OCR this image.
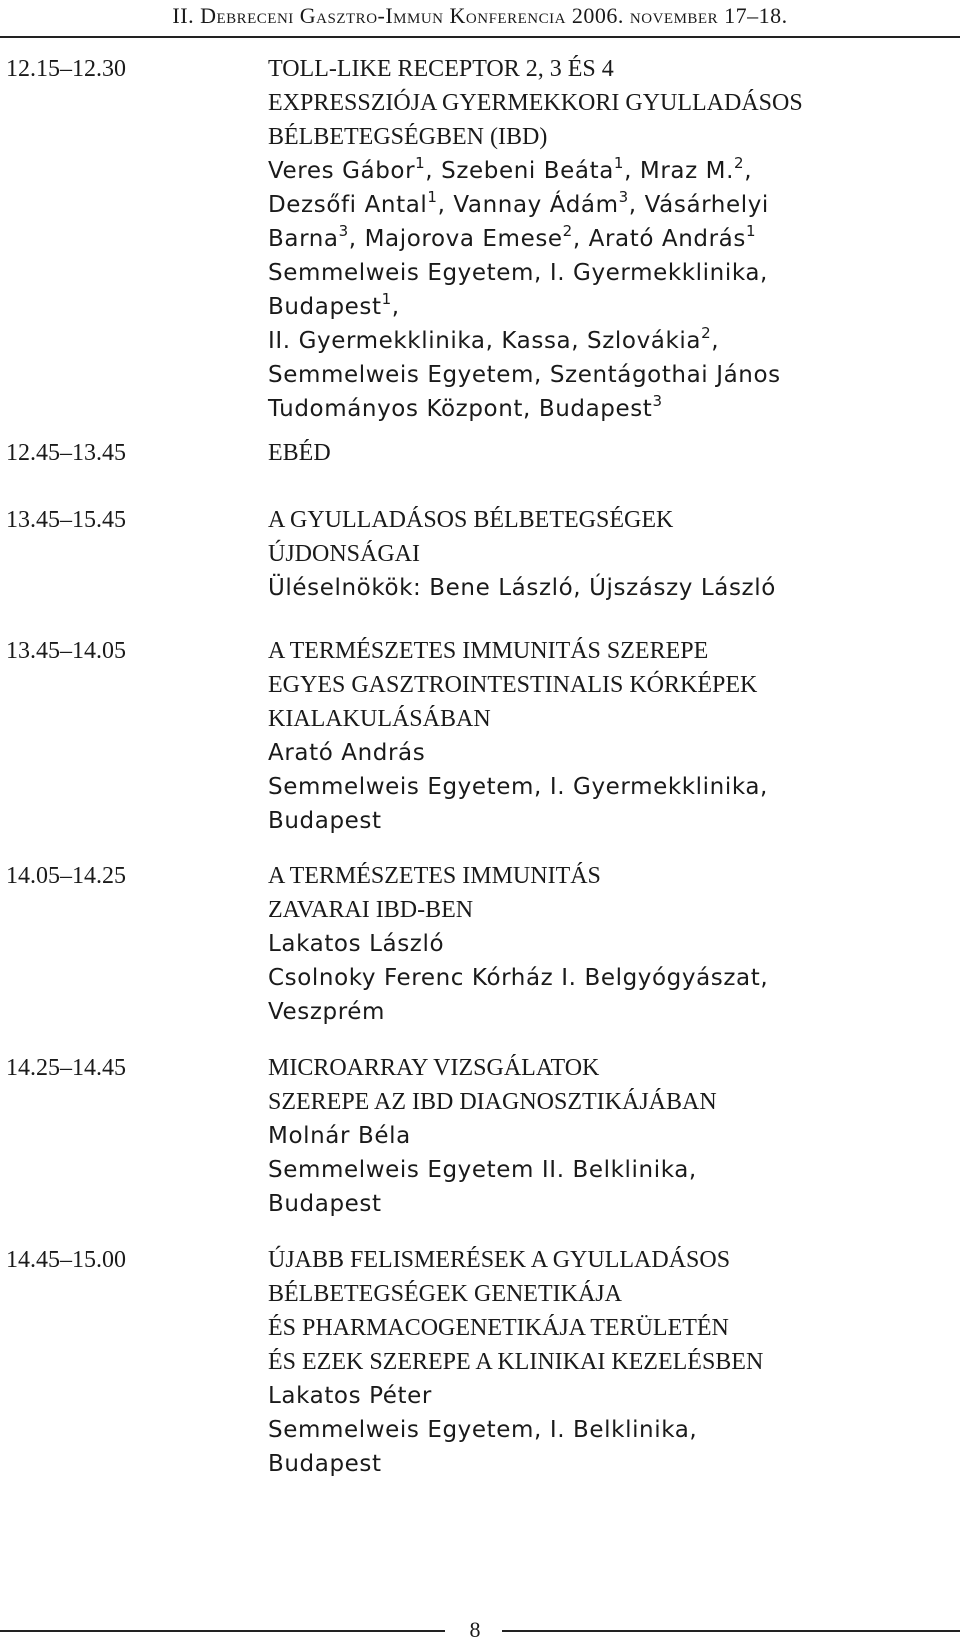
II. Debreceni Gasztro-Immun Konferencia 2006. november 17–18.
12.15–12.30	TOLL-LIKE RECEPTOR 2, 3 ÉS 4
EXPRESSZIÓJA GYERMEKKORI GYULLADÁSOS
BÉLBETEGSÉGBEN (IBD)
Veres Gábor$^1$, Szebeni Beáta$^1$, Mraz M.$^2$,
Dezsőfi Antal$^1$, Vannay Ádám$^3$, Vásárhelyi
Barna$^3$, Majorova Emese$^2$, Arató András$^1$
Semmelweis Egyetem, I. Gyermekklinika,
Budapest$^1$,
II. Gyermekklinika, Kassa, Szlovákia$^2$,
Semmelweis Egyetem, Szentágothai János
Tudományos Központ, Budapest$^3$
12.45–13.45	EBÉD
13.45–15.45	A GYULLADÁSOS BÉLBETEGSÉGEK
ÚJDONSÁGAI
Üléselnökök: Bene László, Újszászy László
13.45–14.05	A TERMÉSZETES IMMUNITÁS SZEREPE
EGYES GASZTROINTESTINALIS KÓRKÉPEK
KIALAKULÁSÁBAN
Arató András
Semmelweis Egyetem, I. Gyermekklinika,
Budapest
14.05–14.25	A TERMÉSZETES IMMUNITÁS
ZAVARAI IBD-BEN
Lakatos László
Csolnoky Ferenc Kórház I. Belgyógyászat,
Veszprém
14.25–14.45	MICROARRAY VIZSGÁLATOK
SZEREPE AZ IBD DIAGNOSZTIKÁJÁBAN
Molnár Béla
Semmelweis Egyetem II. Belklinika,
Budapest
14.45–15.00	ÚJABB FELISMERÉSEK A GYULLADÁSOS
BÉLBETEGSÉGEK GENETIKÁJA
ÉS PHARMACOGENETIKÁJA TERÜLETÉN
ÉS EZEK SZEREPE A KLINIKAI KEZELÉSBEN
Lakatos Péter
Semmelweis Egyetem, I. Belklinika,
Budapest
8
